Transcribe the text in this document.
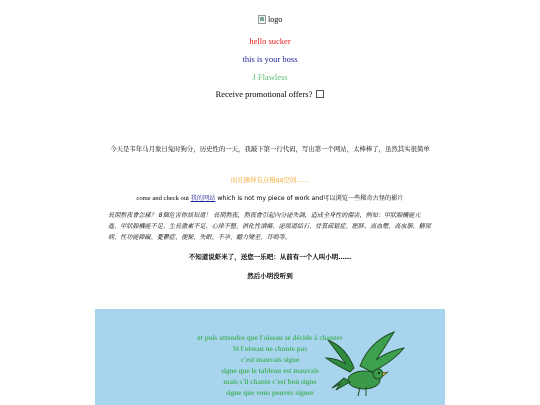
logo
hello sucker
this is your boss
J Flawless
Receive promotional offers?
今天是韦年马月象日兔时狗分，历史性的一天，我敲下第一行代码，写出第一个网站，太棒棒了，虽然其实很简单
而且摘得有点慢qq空间……
come and check out 我的网站 which is not my piece of work and可以浏览一些稀奇古怪的影片
長期熬夜會怎樣？ 8個危害你該知道！ 長期熬夜，熬夜會引起內分泌失調，造成全身性的傷害，例如：甲狀腺機能亢進、甲狀腺機能不足、生長激素不足、心律不整、消化性潰瘍、泌尿道結石、骨質疏鬆症、肥胖、高血壓、高血脂、糖尿病、性功能障礙、憂鬱症、便秘、失眠、不孕、聽力變差、耳鳴等。
不知道说虾米了，送您一乐吧：从前有一个人叫小明……
然后小明没听到
et puis attendre que l'oiseau se décide à chanter
Si l'oiseau ne chante pas
c'est mauvais signe
signe que le tableau est mauvais
mais s'il chante c'est bon signe
signe que vous pouvez signer
